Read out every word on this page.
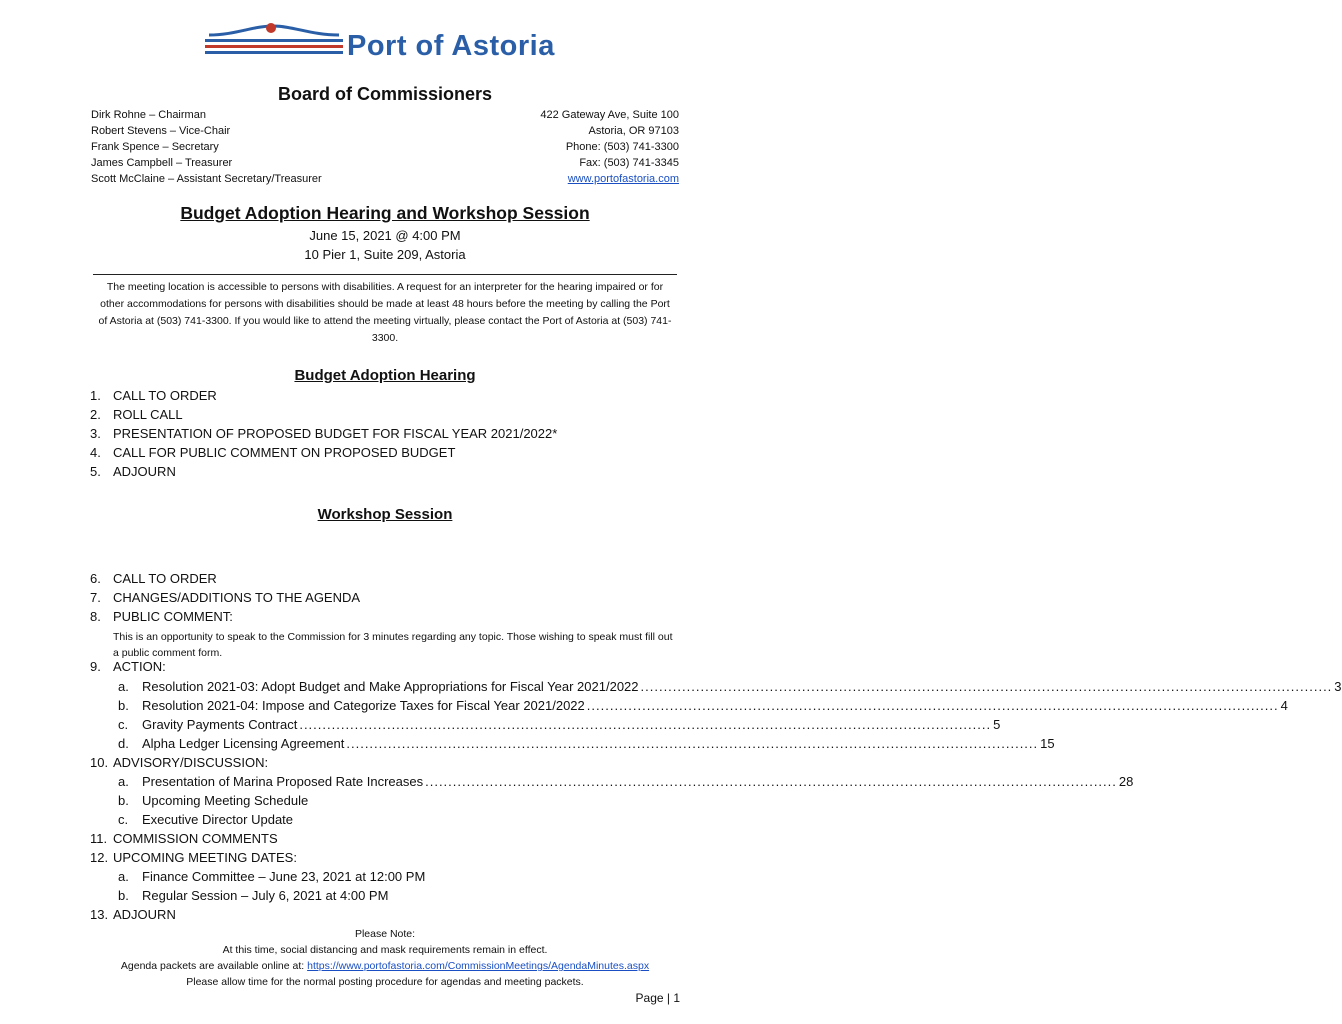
Port of Astoria
Board of Commissioners
Dirk Rohne – Chairman
Robert Stevens – Vice-Chair
Frank Spence – Secretary
James Campbell – Treasurer
Scott McClaine – Assistant Secretary/Treasurer
422 Gateway Ave, Suite 100
Astoria, OR 97103
Phone: (503) 741-3300
Fax: (503) 741-3345
www.portofastoria.com
Budget Adoption Hearing and Workshop Session
June 15, 2021 @ 4:00 PM
10 Pier 1, Suite 209, Astoria
The meeting location is accessible to persons with disabilities. A request for an interpreter for the hearing impaired or for other accommodations for persons with disabilities should be made at least 48 hours before the meeting by calling the Port of Astoria at (503) 741-3300. If you would like to attend the meeting virtually, please contact the Port of Astoria at (503) 741-3300.
Budget Adoption Hearing
1. CALL TO ORDER
2. ROLL CALL
3. PRESENTATION OF PROPOSED BUDGET FOR FISCAL YEAR 2021/2022*
4. CALL FOR PUBLIC COMMENT ON PROPOSED BUDGET
5. ADJOURN
Workshop Session
6. CALL TO ORDER
7. CHANGES/ADDITIONS TO THE AGENDA
8. PUBLIC COMMENT:
This is an opportunity to speak to the Commission for 3 minutes regarding any topic. Those wishing to speak must fill out a public comment form.
9. ACTION:
a.	Resolution 2021-03: Adopt Budget and Make Appropriations for Fiscal Year 2021/2022 ...................................................................................................................................................... 3
b.	Resolution 2021-04: Impose and Categorize Taxes for Fiscal Year 2021/2022 ...................................................................................................................................................... 4
c.	Gravity Payments Contract ...................................................................................................................................................... 5
d.	Alpha Ledger Licensing Agreement ...................................................................................................................................................... 15
10. ADVISORY/DISCUSSION:
a.	Presentation of Marina Proposed Rate Increases ...................................................................................................................................................... 28
b. Upcoming Meeting Schedule
c. Executive Director Update
11. COMMISSION COMMENTS
12. UPCOMING MEETING DATES:
a. Finance Committee – June 23, 2021 at 12:00 PM
b. Regular Session – July 6, 2021 at 4:00 PM
13. ADJOURN
Please Note:
At this time, social distancing and mask requirements remain in effect.
Agenda packets are available online at: https://www.portofastoria.com/CommissionMeetings/AgendaMinutes.aspx
Please allow time for the normal posting procedure for agendas and meeting packets.
Page | 1
